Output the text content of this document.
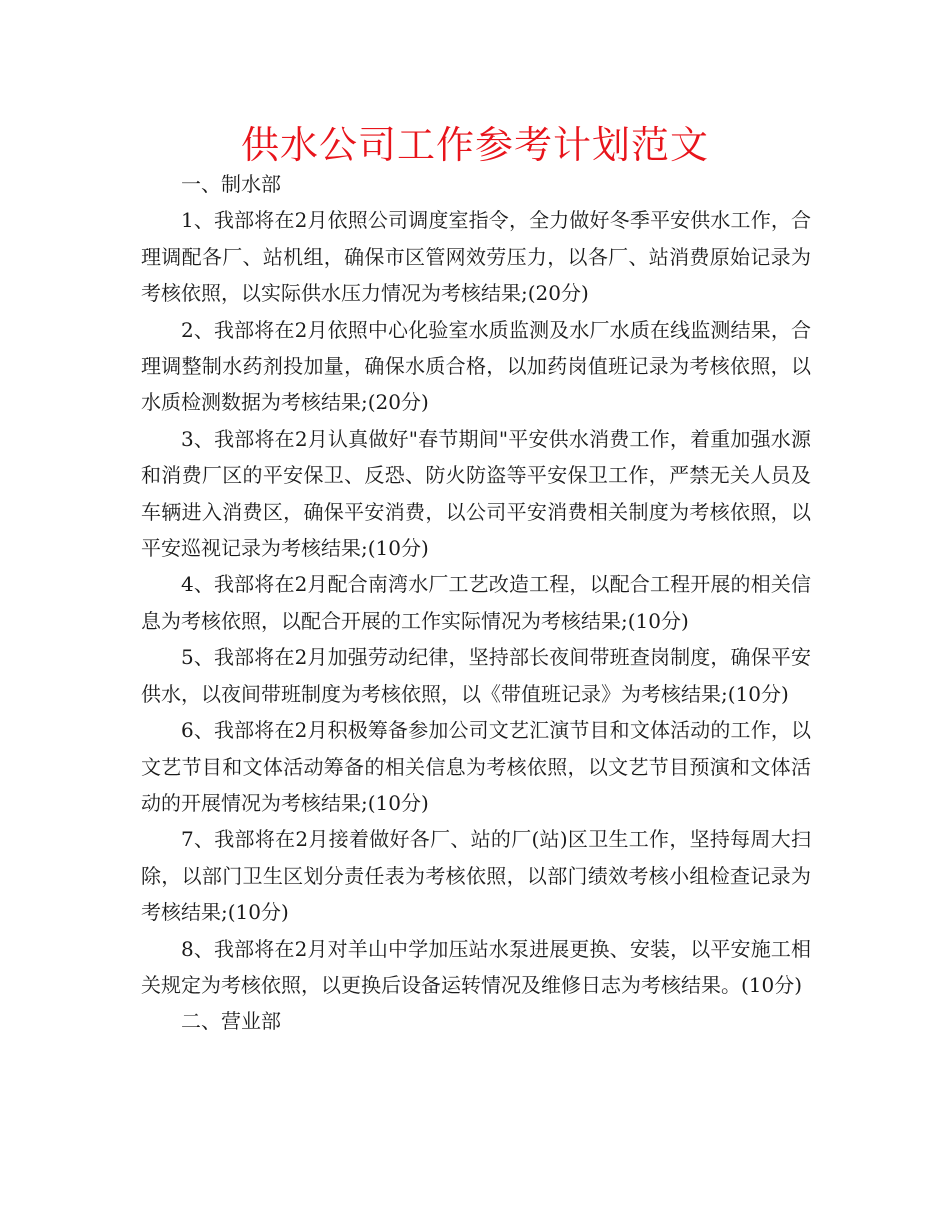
供水公司工作参考计划范文

一、制水部

1、我部将在2月依照公司调度室指令，全力做好冬季平安供水工作，合理调配各厂、站机组，确保市区管网效劳压力，以各厂、站消费原始记录为考核依照，以实际供水压力情况为考核结果;(20分)

2、我部将在2月依照中心化验室水质监测及水厂水质在线监测结果，合理调整制水药剂投加量，确保水质合格，以加药岗值班记录为考核依照，以水质检测数据为考核结果;(20分)

3、我部将在2月认真做好"春节期间"平安供水消费工作，着重加强水源和消费厂区的平安保卫、反恐、防火防盗等平安保卫工作，严禁无关人员及车辆进入消费区，确保平安消费，以公司平安消费相关制度为考核依照，以平安巡视记录为考核结果;(10分)

4、我部将在2月配合南湾水厂工艺改造工程，以配合工程开展的相关信息为考核依照，以配合开展的工作实际情况为考核结果;(10分)

5、我部将在2月加强劳动纪律，坚持部长夜间带班查岗制度，确保平安供水，以夜间带班制度为考核依照，以《带值班记录》为考核结果;(10分)

6、我部将在2月积极筹备参加公司文艺汇演节目和文体活动的工作，以文艺节目和文体活动筹备的相关信息为考核依照，以文艺节目预演和文体活动的开展情况为考核结果;(10分)

7、我部将在2月接着做好各厂、站的厂(站)区卫生工作，坚持每周大扫除，以部门卫生区划分责任表为考核依照，以部门绩效考核小组检查记录为考核结果;(10分)

8、我部将在2月对羊山中学加压站水泵进展更换、安装，以平安施工相关规定为考核依照，以更换后设备运转情况及维修日志为考核结果。(10分)

二、营业部
